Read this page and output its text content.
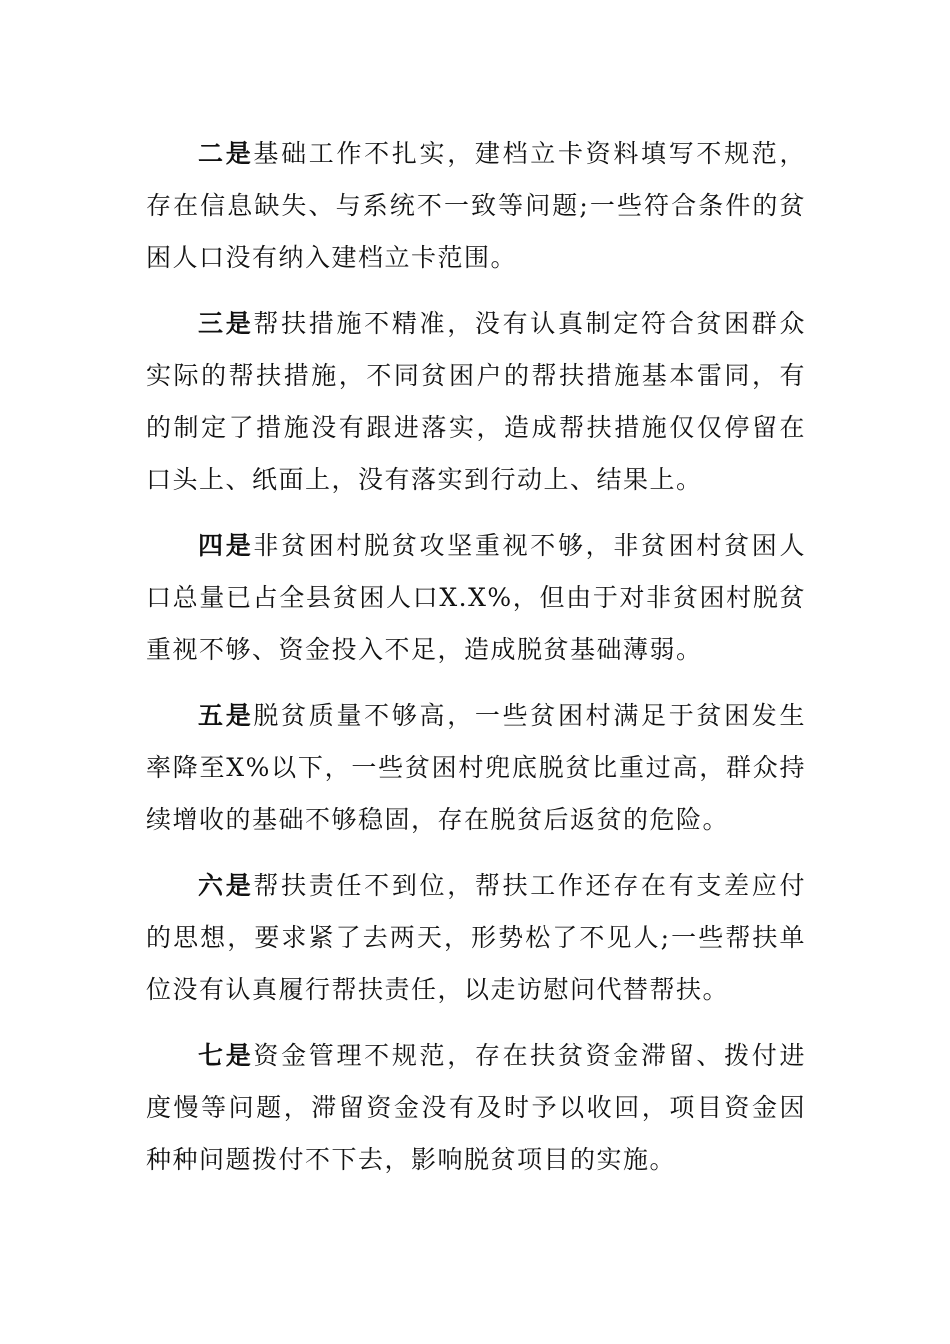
二是基础工作不扎实，建档立卡资料填写不规范，存在信息缺失、与系统不一致等问题;一些符合条件的贫困人口没有纳入建档立卡范围。

三是帮扶措施不精准，没有认真制定符合贫困群众实际的帮扶措施，不同贫困户的帮扶措施基本雷同，有的制定了措施没有跟进落实，造成帮扶措施仅仅停留在口头上、纸面上，没有落实到行动上、结果上。

四是非贫困村脱贫攻坚重视不够，非贫困村贫困人口总量已占全县贫困人口X.X%，但由于对非贫困村脱贫重视不够、资金投入不足，造成脱贫基础薄弱。

五是脱贫质量不够高，一些贫困村满足于贫困发生率降至X%以下，一些贫困村兜底脱贫比重过高，群众持续增收的基础不够稳固，存在脱贫后返贫的危险。

六是帮扶责任不到位，帮扶工作还存在有支差应付的思想，要求紧了去两天，形势松了不见人;一些帮扶单位没有认真履行帮扶责任，以走访慰问代替帮扶。

七是资金管理不规范，存在扶贫资金滞留、拨付进度慢等问题，滞留资金没有及时予以收回，项目资金因种种问题拨付不下去，影响脱贫项目的实施。
